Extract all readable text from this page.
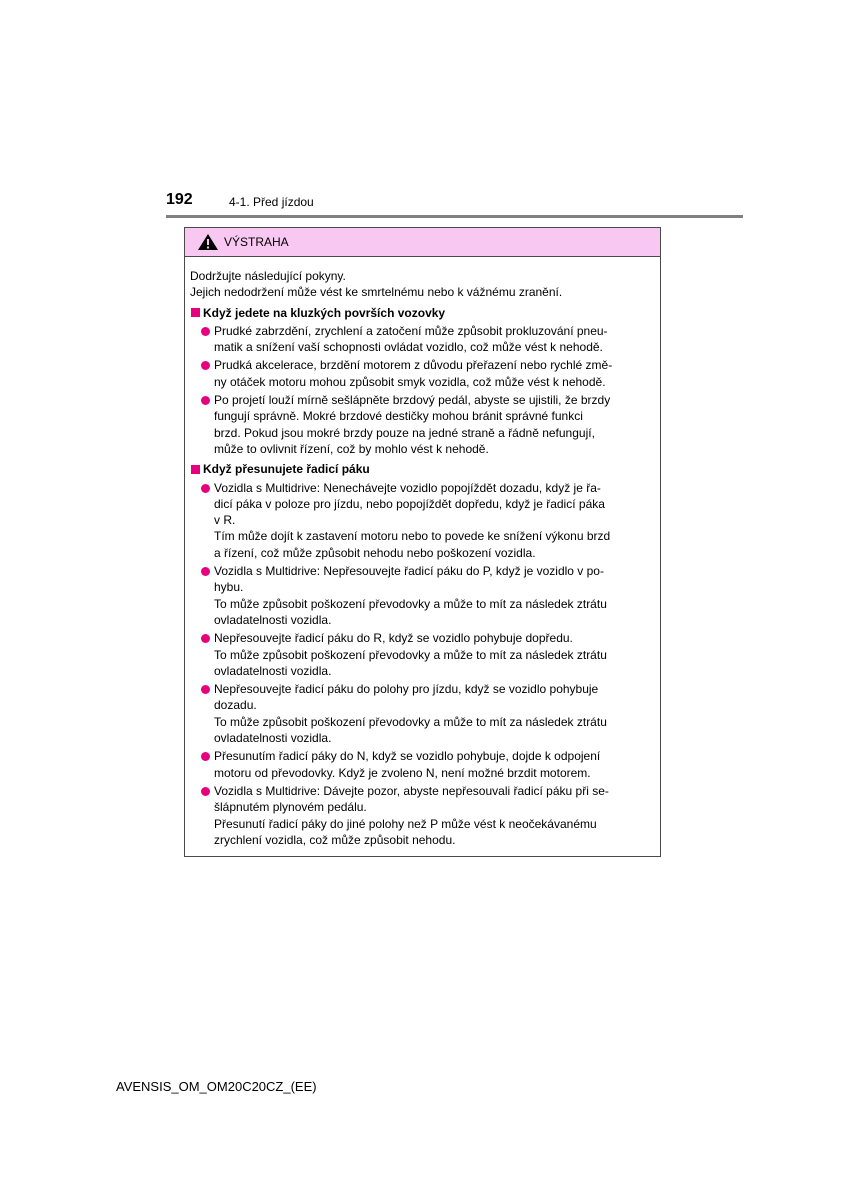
192	4-1. Před jízdou
VÝSTRAHA
Dodržujte následující pokyny.
Jejich nedodržení může vést ke smrtelnému nebo k vážnému zranění.
Když jedete na kluzkých površích vozovky
Prudké zabrzdění, zrychlení a zatočení může způsobit prokluzování pneu-
matik a snížení vaší schopnosti ovládat vozidlo, což může vést k nehodě.
Prudká akcelerace, brzdění motorem z důvodu přeřazení nebo rychlé změ-
ny otáček motoru mohou způsobit smyk vozidla, což může vést k nehodě.
Po projetí louží mírně sešlápněte brzdový pedál, abyste se ujistili, že brzdy
fungují správně. Mokré brzdové destičky mohou bránit správné funkci
brzd. Pokud jsou mokré brzdy pouze na jedné straně a řádně nefungují,
může to ovlivnit řízení, což by mohlo vést k nehodě.
Když přesunujete řadicí páku
Vozidla s Multidrive: Nenechávejte vozidlo popojíždět dozadu, když je řa-
dicí páka v poloze pro jízdu, nebo popojíždět dopředu, když je řadicí páka
v R.
Tím může dojít k zastavení motoru nebo to povede ke snížení výkonu brzd
a řízení, což může způsobit nehodu nebo poškození vozidla.
Vozidla s Multidrive: Nepřesouvejte řadicí páku do P, když je vozidlo v po-
hybu.
To může způsobit poškození převodovky a může to mít za následek ztrátu
ovladatelnosti vozidla.
Nepřesouvejte řadicí páku do R, když se vozidlo pohybuje dopředu.
To může způsobit poškození převodovky a může to mít za následek ztrátu
ovladatelnosti vozidla.
Nepřesouvejte řadicí páku do polohy pro jízdu, když se vozidlo pohybuje
dozadu.
To může způsobit poškození převodovky a může to mít za následek ztrátu
ovladatelnosti vozidla.
Přesunutím řadicí páky do N, když se vozidlo pohybuje, dojde k odpojení
motoru od převodovky. Když je zvoleno N, není možné brzdit motorem.
Vozidla s Multidrive: Dávejte pozor, abyste nepřesouvali řadicí páku při se-
šlápnutém plynovém pedálu.
Přesunutí řadicí páky do jiné polohy než P může vést k neočekávanému
zrychlení vozidla, což může způsobit nehodu.
AVENSIS_OM_OM20C20CZ_(EE)
